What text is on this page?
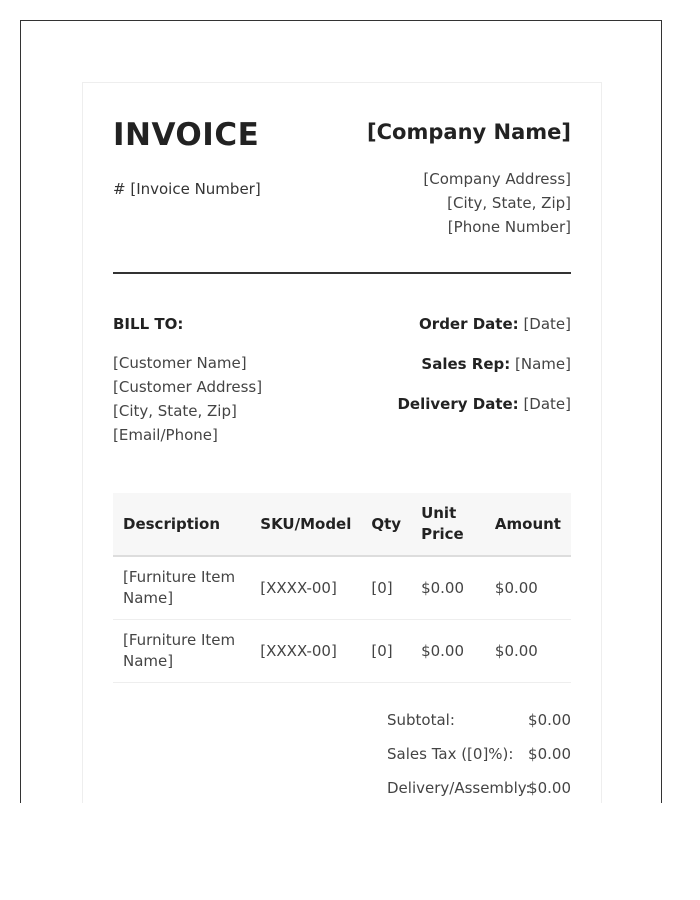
INVOICE
# [Invoice Number]
[Company Name]
[Company Address]
[City, State, Zip]
[Phone Number]
BILL TO:
[Customer Name]
[Customer Address]
[City, State, Zip]
[Email/Phone]
Order Date: [Date]
Sales Rep: [Name]
Delivery Date: [Date]
Description	SKU/Model	Qty	Unit Price	Amount
[Furniture Item Name]	[XXXX-00]	[0]	$0.00	$0.00
[Furniture Item Name]	[XXXX-00]	[0]	$0.00	$0.00
Subtotal:	$0.00
Sales Tax ([0]%): $0.00
Delivery/Assembly:
$0.00
